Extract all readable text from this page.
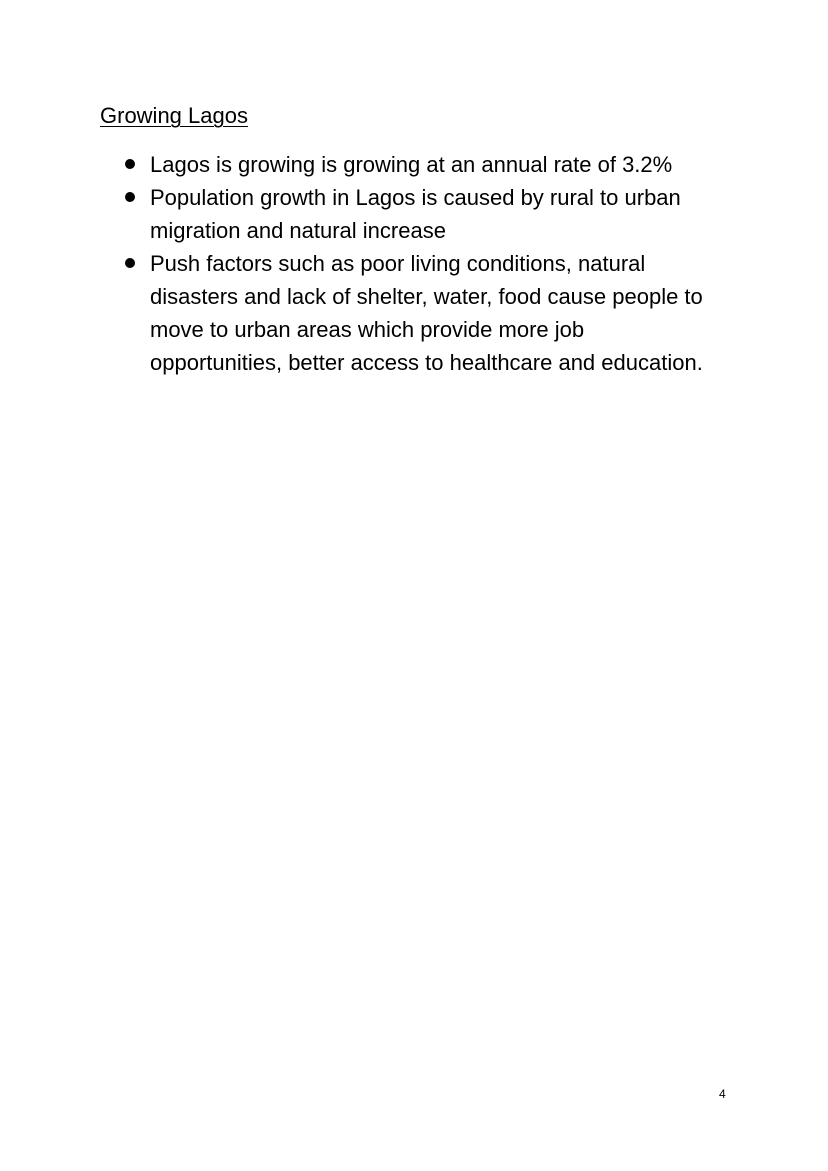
Growing Lagos
Lagos is growing is growing at an annual rate of 3.2%
Population growth in Lagos is caused by rural to urban migration and natural increase
Push factors such as poor living conditions, natural disasters and lack of shelter, water, food cause people to move to urban areas which provide more job opportunities, better access to healthcare and education.
4
